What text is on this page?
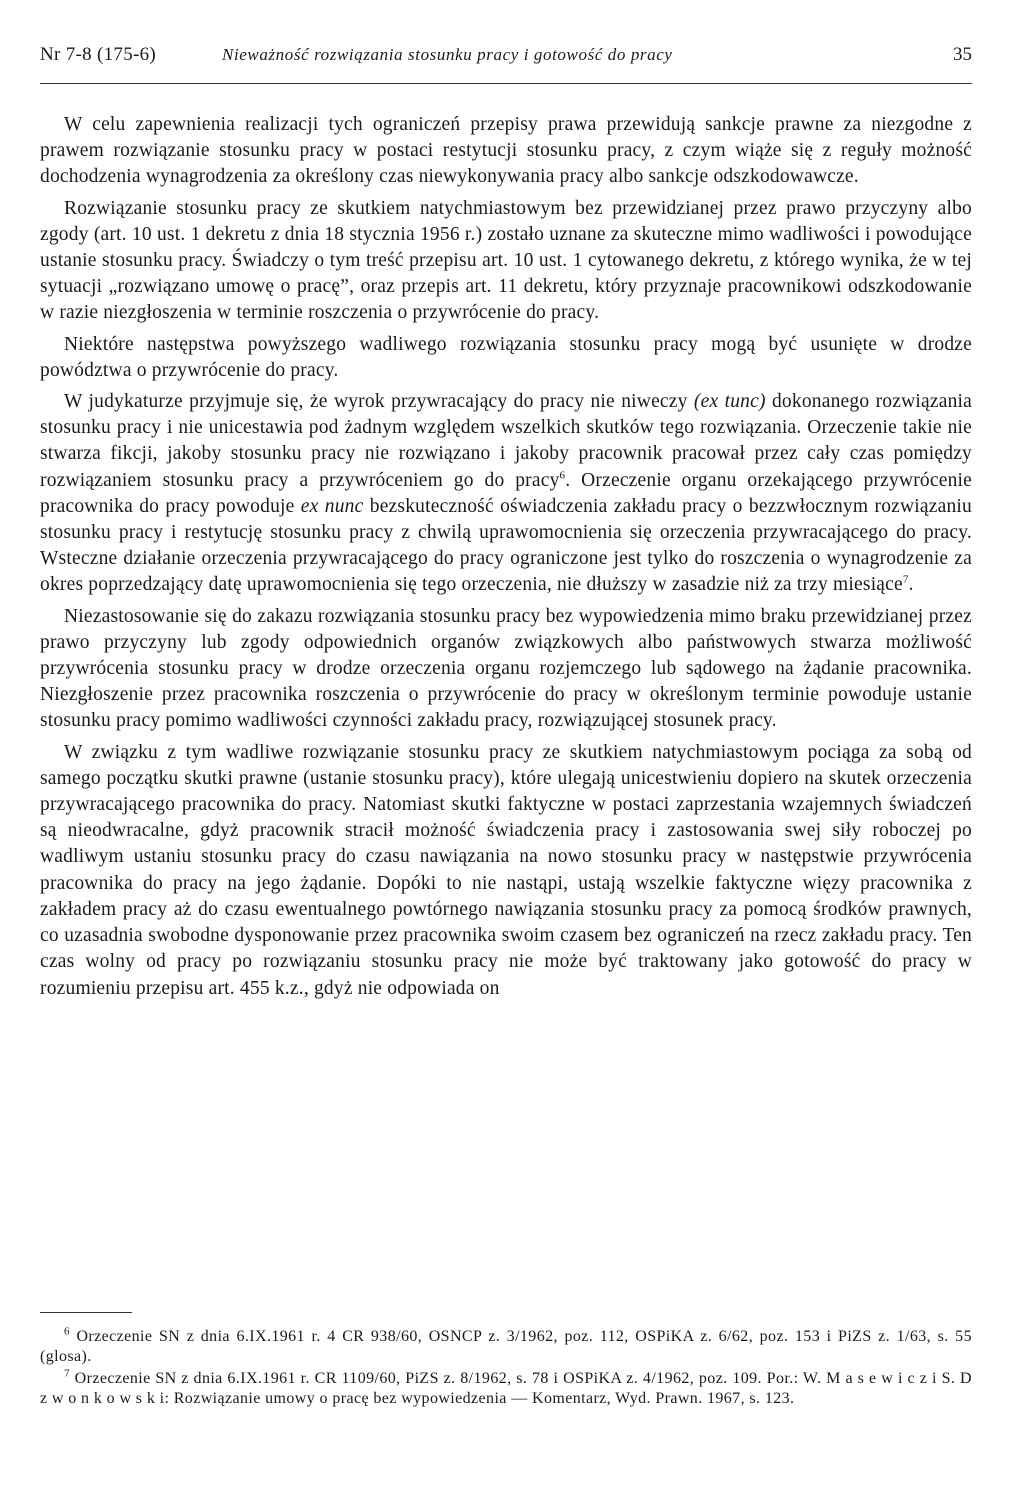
Nr 7-8 (175-6)	Nieważność rozwiązania stosunku pracy i gotowość do pracy	35

W celu zapewnienia realizacji tych ograniczeń przepisy prawa przewidują sankcje prawne za niezgodne z prawem rozwiązanie stosunku pracy w postaci restytucji stosunku pracy, z czym wiąże się z reguły możność dochodzenia wynagrodzenia za określony czas niewykonywania pracy albo sankcje odszkodowawcze.

Rozwiązanie stosunku pracy ze skutkiem natychmiastowym bez przewidzianej przez prawo przyczyny albo zgody (art. 10 ust. 1 dekretu z dnia 18 stycznia 1956 r.) zostało uznane za skuteczne mimo wadliwości i powodujące ustanie stosunku pracy. Świadczy o tym treść przepisu art. 10 ust. 1 cytowanego dekretu, z którego wynika, że w tej sytuacji „rozwiązano umowę o pracę”, oraz przepis art. 11 dekretu, który przyznaje pracownikowi odszkodowanie w razie niezgłoszenia w terminie roszczenia o przywrócenie do pracy.

Niektóre następstwa powyższego wadliwego rozwiązania stosunku pracy mogą być usunięte w drodze powództwa o przywrócenie do pracy.

W judykaturze przyjmuje się, że wyrok przywracający do pracy nie niweczy (ex tunc) dokonanego rozwiązania stosunku pracy i nie unicestawia pod żadnym względem wszelkich skutków tego rozwiązania. Orzeczenie takie nie stwarza fikcji, jakoby stosunku pracy nie rozwiązano i jakoby pracownik pracował przez cały czas pomiędzy rozwiązaniem stosunku pracy a przywróceniem go do pracy$^6$. Orzeczenie organu orzekającego przywrócenie pracownika do pracy powoduje ex nunc bezskuteczność oświadczenia zakładu pracy o bezzwłocznym rozwiązaniu stosunku pracy i restytucję stosunku pracy z chwilą uprawomocnienia się orzeczenia przywracającego do pracy. Wsteczne działanie orzeczenia przywracającego do pracy ograniczone jest tylko do roszczenia o wynagrodzenie za okres poprzedzający datę uprawomocnienia się tego orzeczenia, nie dłuższy w zasadzie niż za trzy miesiące$^7$.

Niezastosowanie się do zakazu rozwiązania stosunku pracy bez wypowiedzenia mimo braku przewidzianej przez prawo przyczyny lub zgody odpowiednich organów związkowych albo państwowych stwarza możliwość przywrócenia stosunku pracy w drodze orzeczenia organu rozjemczego lub sądowego na żądanie pracownika. Niezgłoszenie przez pracownika roszczenia o przywrócenie do pracy w określonym terminie powoduje ustanie stosunku pracy pomimo wadliwości czynności zakładu pracy, rozwiązującej stosunek pracy.

W związku z tym wadliwe rozwiązanie stosunku pracy ze skutkiem natychmiastowym pociąga za sobą od samego początku skutki prawne (ustanie stosunku pracy), które ulegają unicestwieniu dopiero na skutek orzeczenia przywracającego pracownika do pracy. Natomiast skutki faktyczne w postaci zaprzestania wzajemnych świadczeń są nieodwracalne, gdyż pracownik stracił możność świadczenia pracy i zastosowania swej siły roboczej po wadliwym ustaniu stosunku pracy do czasu nawiązania na nowo stosunku pracy w następstwie przywrócenia pracownika do pracy na jego żądanie. Dopóki to nie nastąpi, ustają wszelkie faktyczne więzy pracownika z zakładem pracy aż do czasu ewentualnego powtórnego nawiązania stosunku pracy za pomocą środków prawnych, co uzasadnia swobodne dysponowanie przez pracownika swoim czasem bez ograniczeń na rzecz zakładu pracy. Ten czas wolny od pracy po rozwiązaniu stosunku pracy nie może być traktowany jako gotowość do pracy w rozumieniu przepisu art. 455 k.z., gdyż nie odpowiada on

$^6$ Orzeczenie SN z dnia 6.IX.1961 r. 4 CR 938/60, OSNCP z. 3/1962, poz. 112, OSPiKA z. 6/62, poz. 153 i PiZS z. 1/63, s. 55 (glosa).

$^7$ Orzeczenie SN z dnia 6.IX.1961 r. CR 1109/60, PiZS z. 8/1962, s. 78 i OSPiKA z. 4/1962, poz. 109. Por.: W. M a s e w i c z i S. D z w o n k o w s k i: Rozwiązanie umowy o pracę bez wypowiedzenia — Komentarz, Wyd. Prawn. 1967, s. 123.
